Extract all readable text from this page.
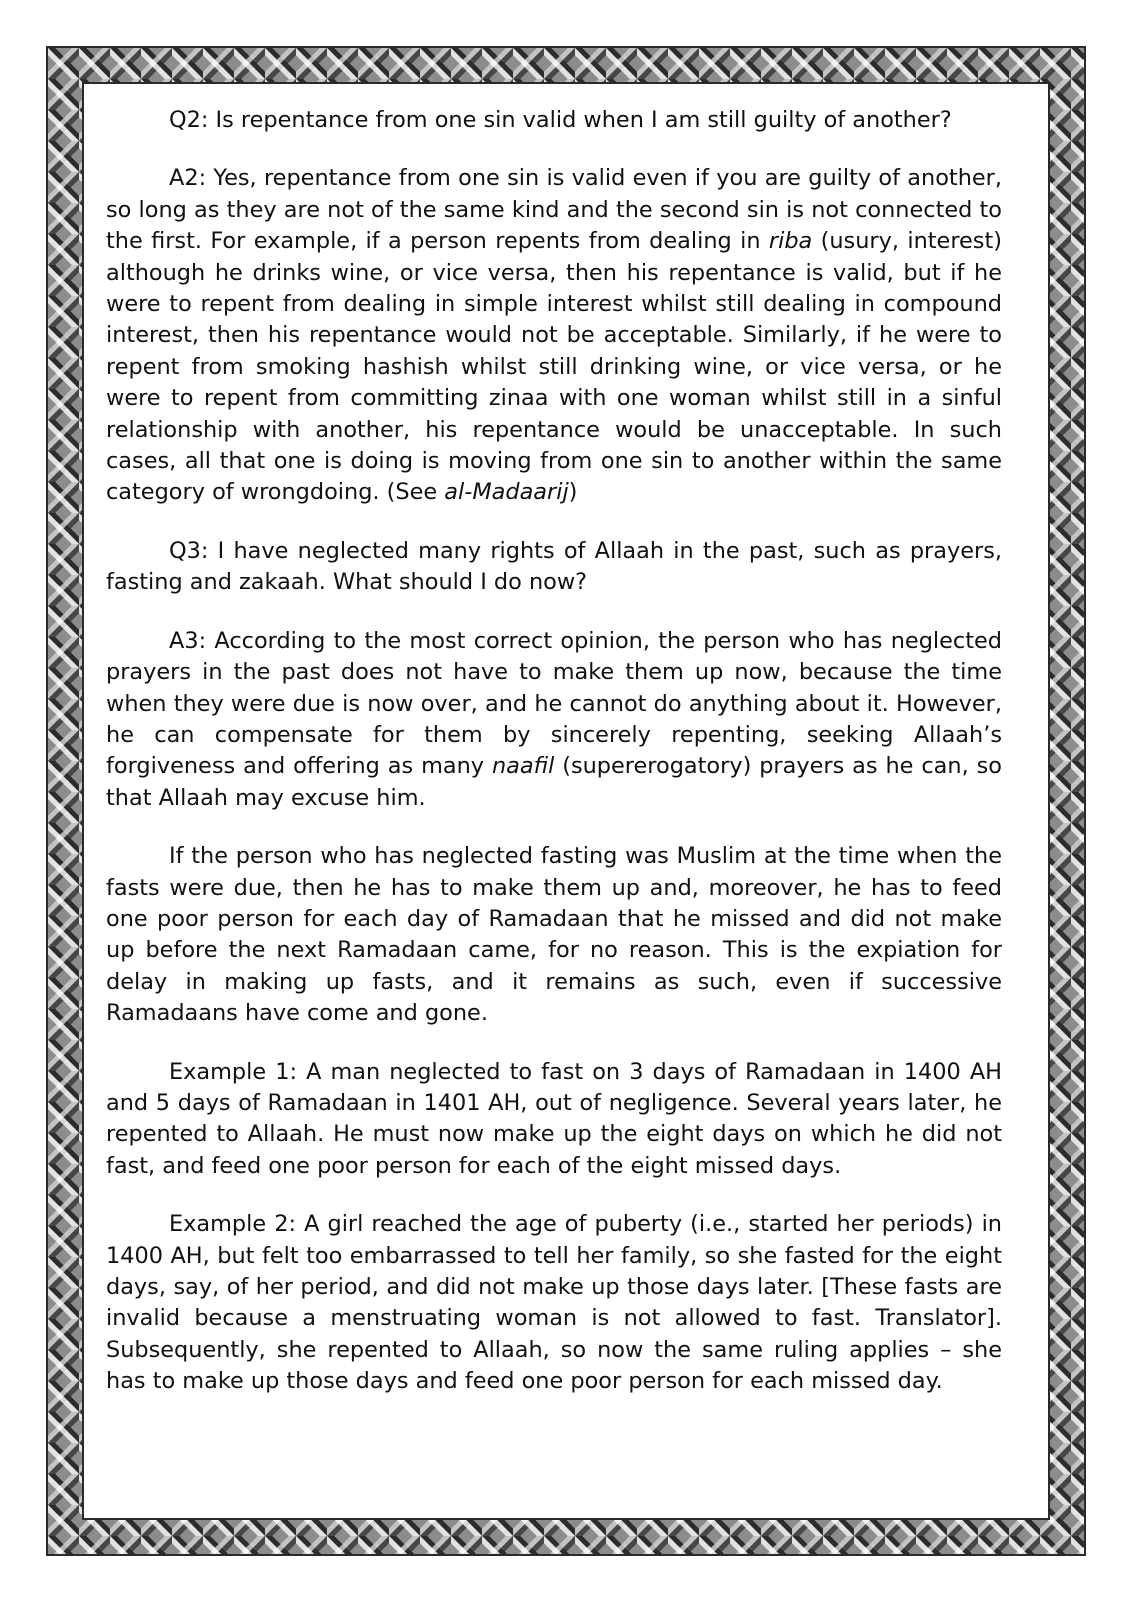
Q2: Is repentance from one sin valid when I am still guilty of another?

A2: Yes, repentance from one sin is valid even if you are guilty of another, so long as they are not of the same kind and the second sin is not connected to the first. For example, if a person repents from dealing in riba (usury, interest) although he drinks wine, or vice versa, then his repentance is valid, but if he were to repent from dealing in simple interest whilst still dealing in compound interest, then his repentance would not be acceptable. Similarly, if he were to repent from smoking hashish whilst still drinking wine, or vice versa, or he were to repent from committing zinaa with one woman whilst still in a sinful relationship with another, his repentance would be unacceptable. In such cases, all that one is doing is moving from one sin to another within the same category of wrongdoing. (See al-Madaarij)

Q3: I have neglected many rights of Allaah in the past, such as prayers, fasting and zakaah. What should I do now?

A3: According to the most correct opinion, the person who has neglected prayers in the past does not have to make them up now, because the time when they were due is now over, and he cannot do anything about it. However, he can compensate for them by sincerely repenting, seeking Allaah’s forgiveness and offering as many naafil (supererogatory) prayers as he can, so that Allaah may excuse him.

If the person who has neglected fasting was Muslim at the time when the fasts were due, then he has to make them up and, moreover, he has to feed one poor person for each day of Ramadaan that he missed and did not make up before the next Ramadaan came, for no reason. This is the expiation for delay in making up fasts, and it remains as such, even if successive Ramadaans have come and gone.

Example 1: A man neglected to fast on 3 days of Ramadaan in 1400 AH and 5 days of Ramadaan in 1401 AH, out of negligence. Several years later, he repented to Allaah. He must now make up the eight days on which he did not fast, and feed one poor person for each of the eight missed days.

Example 2: A girl reached the age of puberty (i.e., started her periods) in 1400 AH, but felt too embarrassed to tell her family, so she fasted for the eight days, say, of her period, and did not make up those days later. [These fasts are invalid because a menstruating woman is not allowed to fast. Translator]. Subsequently, she repented to Allaah, so now the same ruling applies – she has to make up those days and feed one poor person for each missed day.
